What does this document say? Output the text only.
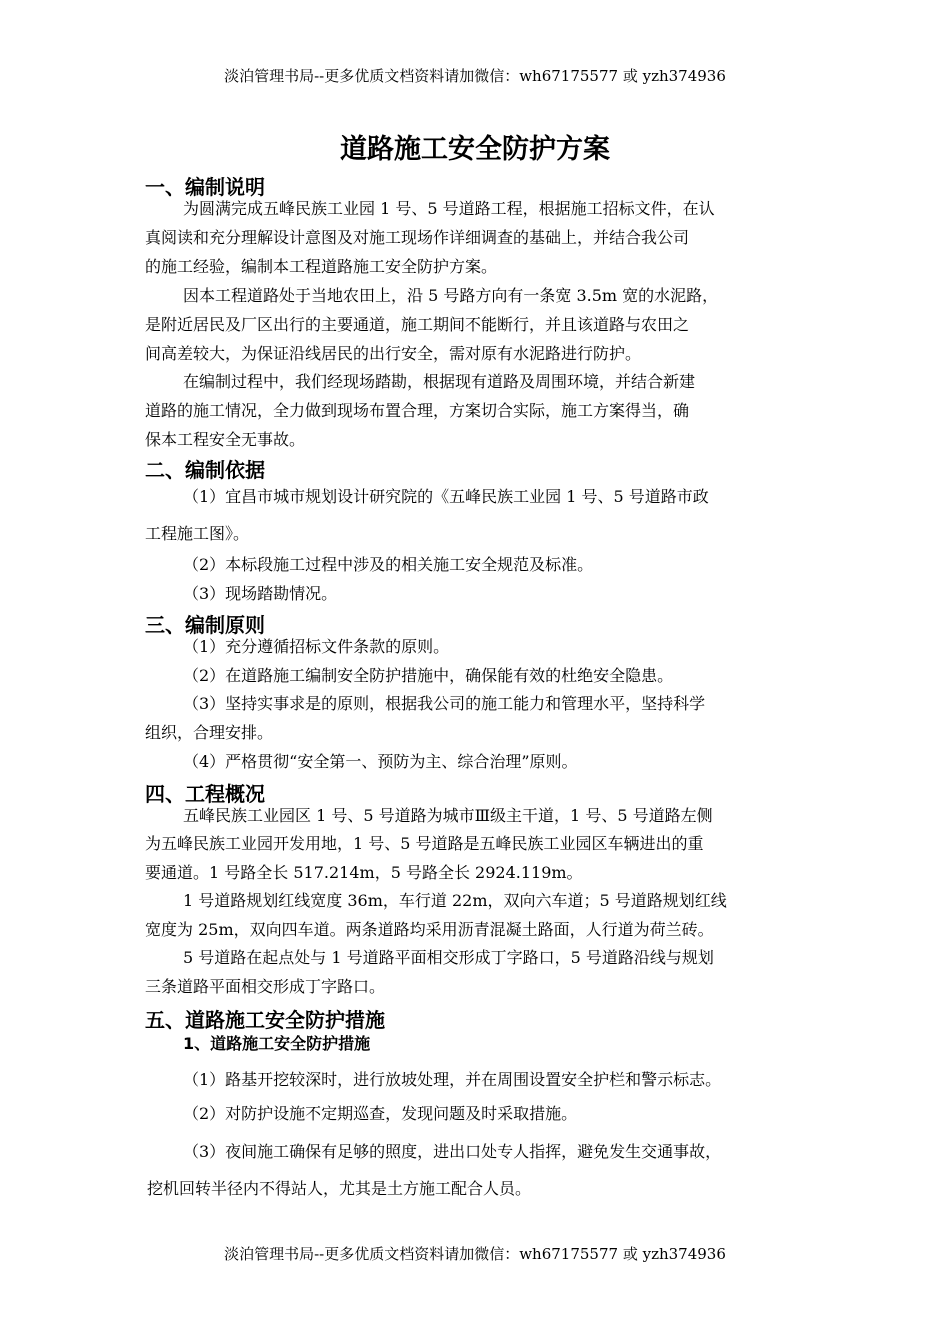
淡泊管理书局--更多优质文档资料请加微信：wh67175577 或 yzh374936
道路施工安全防护方案
一、编制说明

为圆满完成五峰民族工业园 1 号、5 号道路工程，根据施工招标文件，在认

真阅读和充分理解设计意图及对施工现场作详细调查的基础上，并结合我公司

的施工经验，编制本工程道路施工安全防护方案。

因本工程道路处于当地农田上，沿 5 号路方向有一条宽 3.5m 宽的水泥路，

是附近居民及厂区出行的主要通道，施工期间不能断行，并且该道路与农田之

间高差较大，为保证沿线居民的出行安全，需对原有水泥路进行防护。

在编制过程中，我们经现场踏勘，根据现有道路及周围环境，并结合新建

道路的施工情况，全力做到现场布置合理，方案切合实际，施工方案得当，确

保本工程安全无事故。

二、编制依据

（1）宜昌市城市规划设计研究院的《五峰民族工业园 1 号、5 号道路市政

工程施工图》。

（2）本标段施工过程中涉及的相关施工安全规范及标准。

（3）现场踏勘情况。

三、编制原则

（1）充分遵循招标文件条款的原则。

（2）在道路施工编制安全防护措施中，确保能有效的杜绝安全隐患。

（3）坚持实事求是的原则，根据我公司的施工能力和管理水平，坚持科学

组织，合理安排。

（4）严格贯彻“安全第一、预防为主、综合治理”原则。

四、工程概况

五峰民族工业园区 1 号、5 号道路为城市Ⅲ级主干道，1 号、5 号道路左侧

为五峰民族工业园开发用地，1 号、5 号道路是五峰民族工业园区车辆进出的重

要通道。1 号路全长 517.214m，5 号路全长 2924.119m。

1 号道路规划红线宽度 36m，车行道 22m，双向六车道；5 号道路规划红线

宽度为 25m，双向四车道。两条道路均采用沥青混凝土路面，人行道为荷兰砖。

5 号道路在起点处与 1 号道路平面相交形成丁字路口，5 号道路沿线与规划

三条道路平面相交形成丁字路口。

五、道路施工安全防护措施
1、道路施工安全防护措施

（1）路基开挖较深时，进行放坡处理，并在周围设置安全护栏和警示标志。

（2）对防护设施不定期巡查，发现问题及时采取措施。

（3）夜间施工确保有足够的照度，进出口处专人指挥，避免发生交通事故，

挖机回转半径内不得站人，尤其是土方施工配合人员。

淡泊管理书局--更多优质文档资料请加微信：wh67175577 或 yzh374936
